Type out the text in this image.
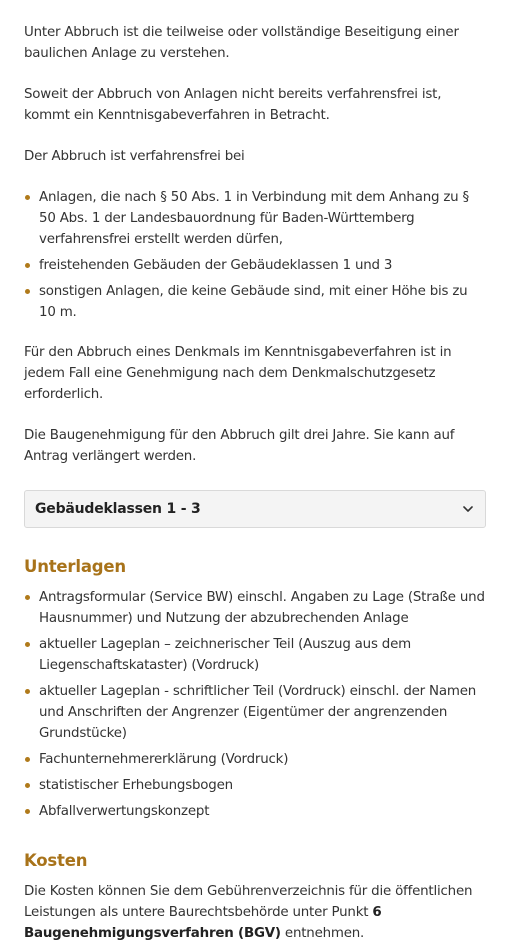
Unter Abbruch ist die teilweise oder vollständige Beseitigung einer baulichen Anlage zu verstehen.

Soweit der Abbruch von Anlagen nicht bereits verfahrensfrei ist, kommt ein Kenntnisgabeverfahren in Betracht.

Der Abbruch ist verfahrensfrei bei

Anlagen, die nach § 50 Abs. 1 in Verbindung mit dem Anhang zu § 50 Abs. 1 der Landesbauordnung für Baden-Württemberg verfahrensfrei erstellt werden dürfen,
freistehenden Gebäuden der Gebäudeklassen 1 und 3
sonstigen Anlagen, die keine Gebäude sind, mit einer Höhe bis zu 10 m.

Für den Abbruch eines Denkmals im Kenntnisgabeverfahren ist in jedem Fall eine Genehmigung nach dem Denkmalschutzgesetz erforderlich.

Die Baugenehmigung für den Abbruch gilt drei Jahre. Sie kann auf Antrag verlängert werden.

Gebäudeklassen 1 - 3
Unterlagen
Antragsformular (Service BW) einschl. Angaben zu Lage (Straße und Hausnummer) und Nutzung der abzubrechenden Anlage
aktueller Lageplan – zeichnerischer Teil (Auszug aus dem Liegenschaftskataster) (Vordruck)
aktueller Lageplan - schriftlicher Teil (Vordruck) einschl. der Namen und Anschriften der Angrenzer (Eigentümer der angrenzenden Grundstücke)
Fachunternehmererklärung (Vordruck)
statistischer Erhebungsbogen
Abfallverwertungskonzept
Kosten

Die Kosten können Sie dem Gebührenverzeichnis für die öffentlichen Leistungen als untere Baurechtsbehörde unter Punkt 6 Baugenehmigungsverfahren (BGV) entnehmen.
